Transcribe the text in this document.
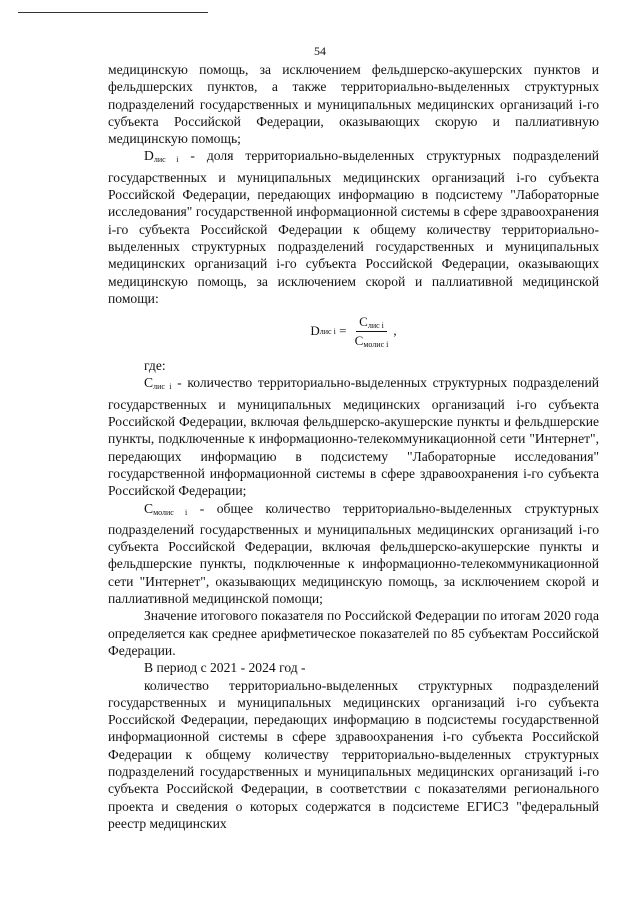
54

медицинскую помощь, за исключением фельдшерско-акушерских пунктов и фельдшерских пунктов, а также территориально-выделенных структурных подразделений государственных и муниципальных медицинских организаций i-го субъекта Российской Федерации, оказывающих скорую и паллиативную медицинскую помощь;

$D_{лис i}$ - доля территориально-выделенных структурных подразделений государственных и муниципальных медицинских организаций i-го субъекта Российской Федерации, передающих информацию в подсистему "Лабораторные исследования" государственной информационной системы в сфере здравоохранения i-го субъекта Российской Федерации к общему количеству территориально-выделенных структурных подразделений государственных и муниципальных медицинских организаций i-го субъекта Российской Федерации, оказывающих медицинскую помощь, за исключением скорой и паллиативной медицинской помощи:

D лис $i = \frac{C_{лис i}}{C_{молис i}}$ ,

где:

$C_{лис i}$ - количество территориально-выделенных структурных подразделений государственных и муниципальных медицинских организаций i-го субъекта Российской Федерации, включая фельдшерско-акушерские пункты и фельдшерские пункты, подключенные к информационно-телекоммуникационной сети "Интернет", передающих информацию в подсистему "Лабораторные исследования" государственной информационной системы в сфере здравоохранения i-го субъекта Российской Федерации;

$C_{молис i}$ - общее количество территориально-выделенных структурных подразделений государственных и муниципальных медицинских организаций i-го субъекта Российской Федерации, включая фельдшерско-акушерские пункты и фельдшерские пункты, подключенные к информационно-телекоммуникационной сети "Интернет", оказывающих медицинскую помощь, за исключением скорой и паллиативной медицинской помощи;

Значение итогового показателя по Российской Федерации по итогам 2020 года определяется как среднее арифметическое показателей по 85 субъектам Российской Федерации.

В период с 2021 - 2024 год -

количество территориально-выделенных структурных подразделений государственных и муниципальных медицинских организаций i-го субъекта Российской Федерации, передающих информацию в подсистемы государственной информационной системы в сфере здравоохранения i-го субъекта Российской Федерации к общему количеству территориально-выделенных структурных подразделений государственных и муниципальных медицинских организаций i-го субъекта Российской Федерации, в соответствии с показателями регионального проекта и сведения о которых содержатся в подсистеме ЕГИСЗ "федеральный реестр медицинских
